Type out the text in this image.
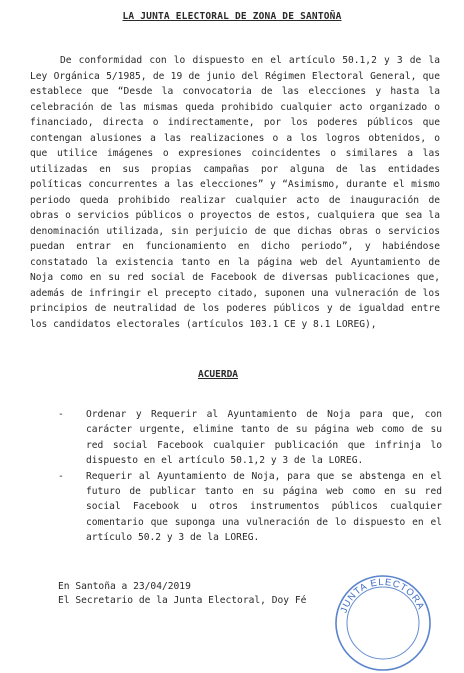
LA JUNTA ELECTORAL DE ZONA DE SANTOÑA

De conformidad con lo dispuesto en el artículo 50.1,2 y 3 de la Ley Orgánica 5/1985, de 19 de junio del Régimen Electoral General, que establece que “Desde la convocatoria de las elecciones y hasta la celebración de las mismas queda prohibido cualquier acto organizado o financiado, directa o indirectamente, por los poderes públicos que contengan alusiones a las realizaciones o a los logros obtenidos, o que utilice imágenes o expresiones coincidentes o similares a las utilizadas en sus propias campañas por alguna de las entidades políticas concurrentes a las elecciones” y “Asimismo, durante el mismo periodo queda prohibido realizar cualquier acto de inauguración de obras o servicios públicos o proyectos de estos, cualquiera que sea la denominación utilizada, sin perjuicio de que dichas obras o servicios puedan entrar en funcionamiento en dicho periodo”, y habiéndose constatado la existencia tanto en la página web del Ayuntamiento de Noja como en su red social de Facebook de diversas publicaciones que, además de infringir el precepto citado, suponen una vulneración de los principios de neutralidad de los poderes públicos y de igualdad entre los candidatos electorales (artículos 103.1 CE y 8.1 LOREG),

ACUERDA
- Ordenar y Requerir al Ayuntamiento de Noja para que, con carácter urgente, elimine tanto de su página web como de su red social Facebook cualquier publicación que infrinja lo dispuesto en el artículo 50.1,2 y 3 de la LOREG.
- Requerir al Ayuntamiento de Noja, para que se abstenga en el futuro de publicar tanto en su página web como en su red social Facebook u otros instrumentos públicos cualquier comentario que suponga una vulneración de lo dispuesto en el artículo 50.2 y 3 de la LOREG.
En Santoña a 23/04/2019
El Secretario de la Junta Electoral, Doy Fé
JUNTA ELECTORA
